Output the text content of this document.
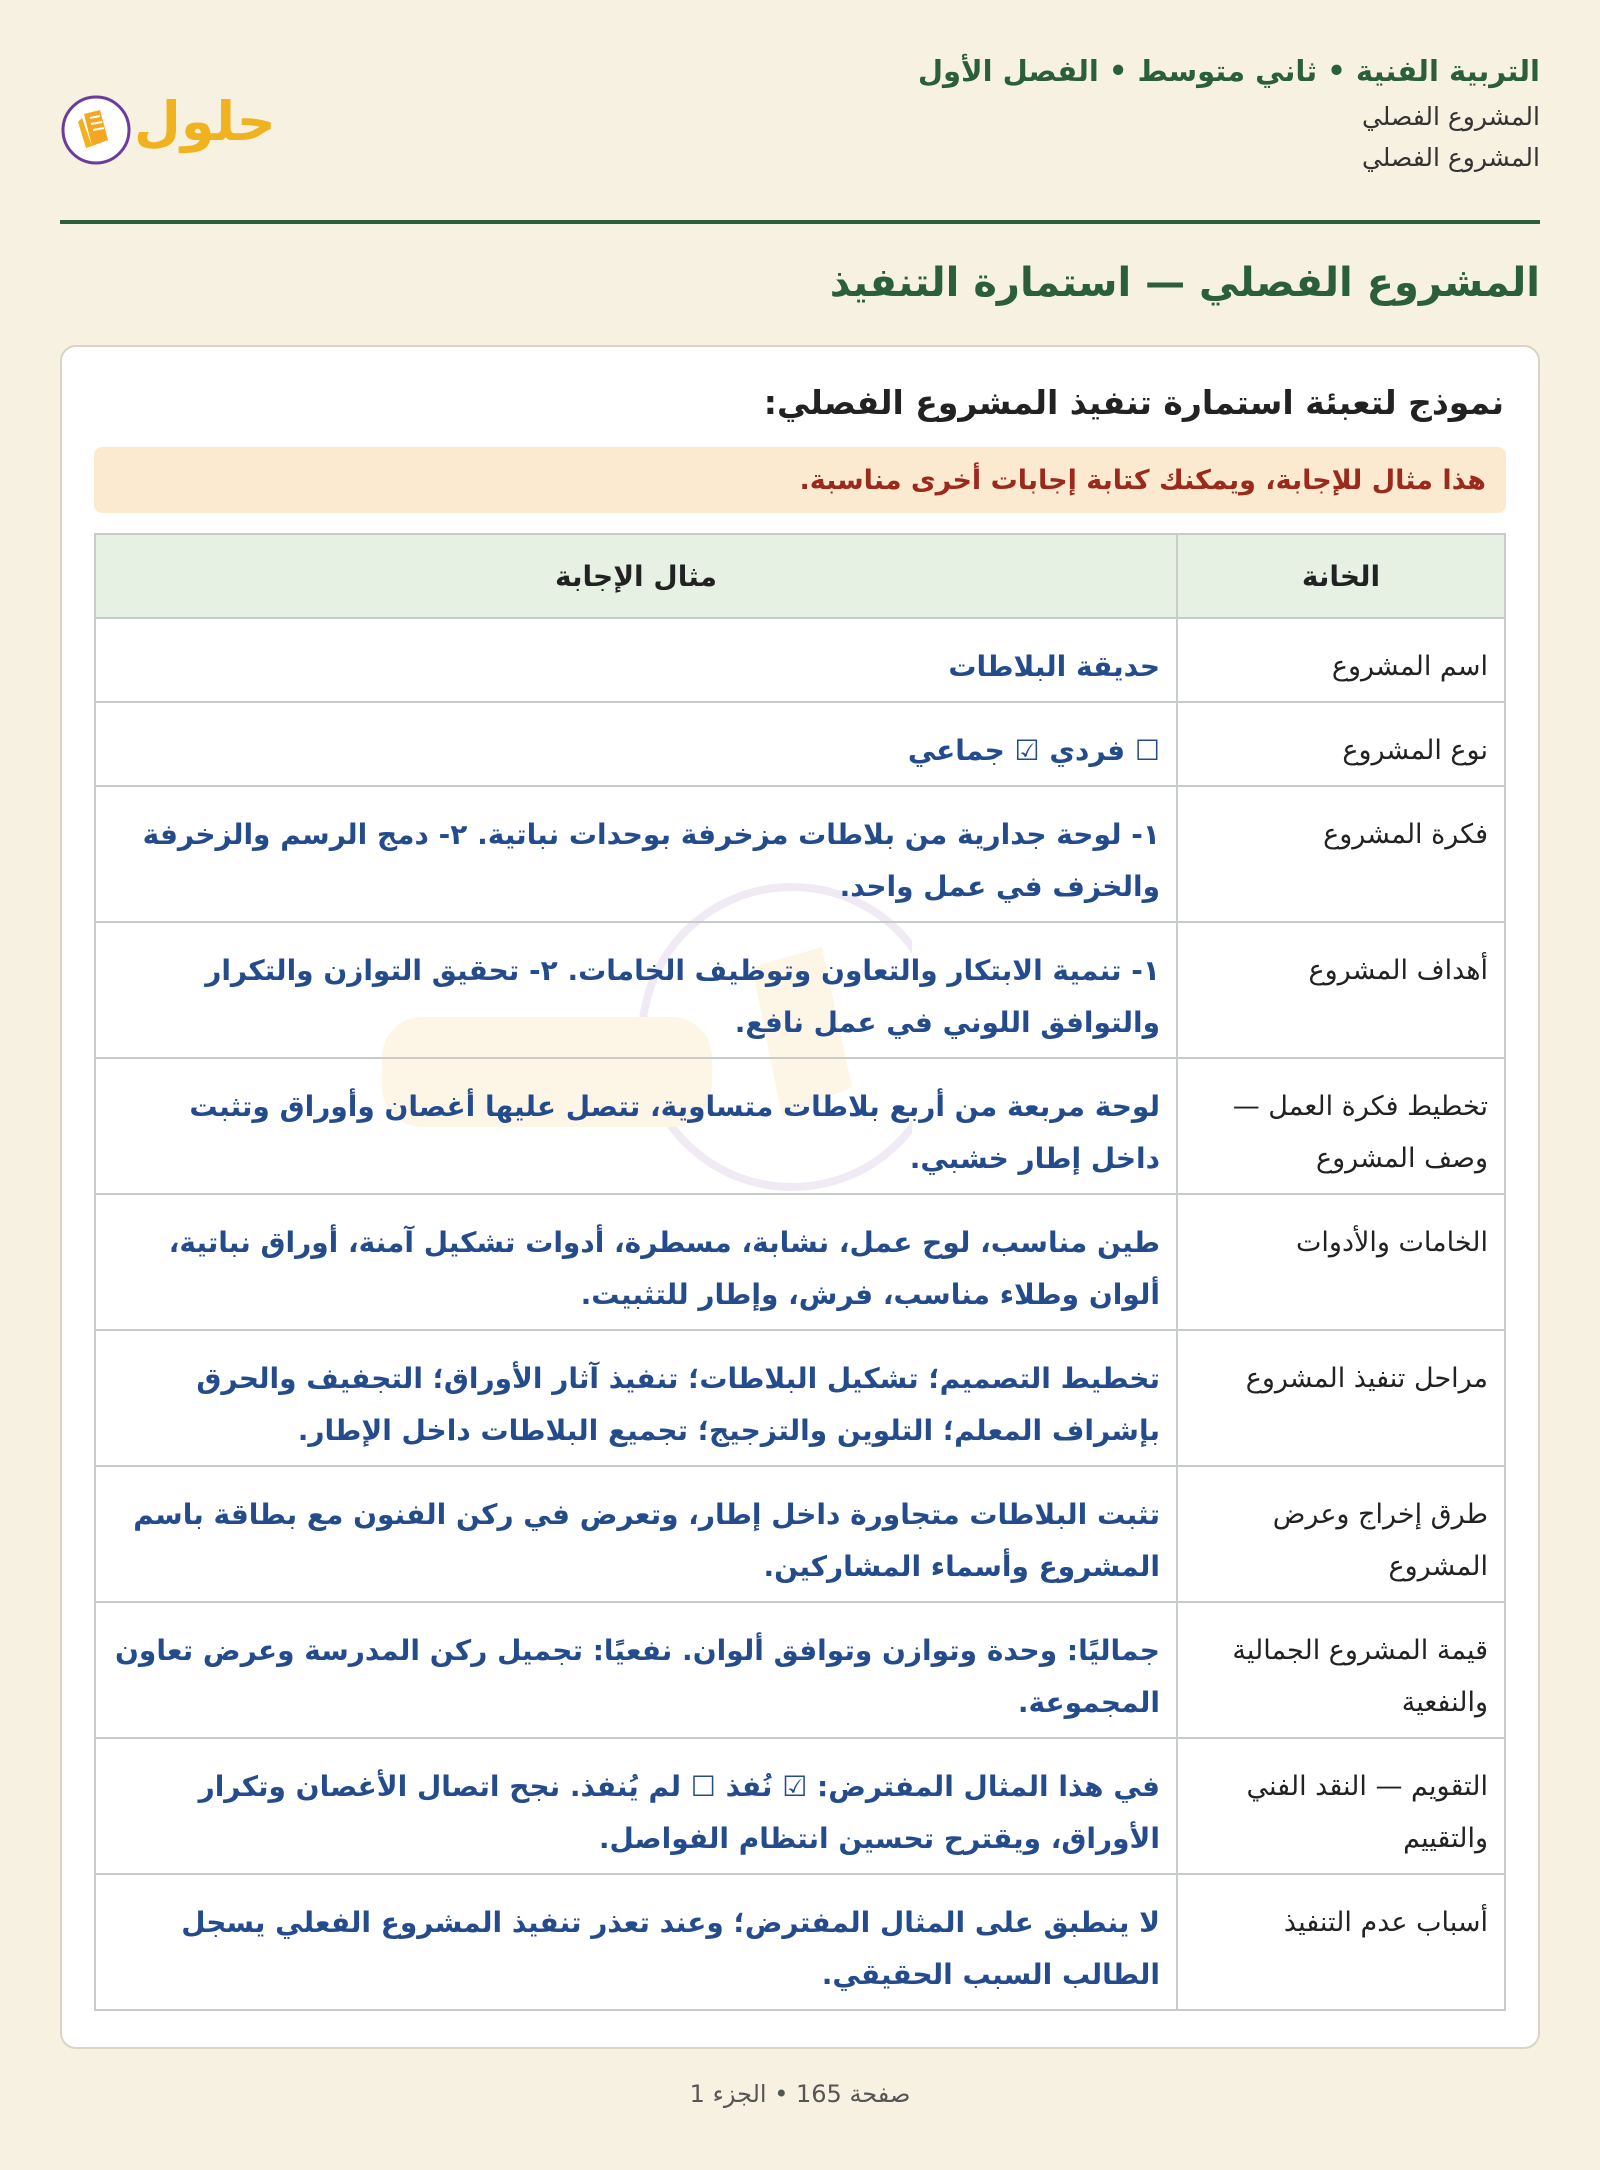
التربية الفنية • ثاني متوسط • الفصل الأول

المشروع الفصلي

المشروع الفصلي

حلول
المشروع الفصلي — استمارة التنفيذ
نموذج لتعبئة استمارة تنفيذ المشروع الفصلي:
هذا مثال للإجابة، ويمكنك كتابة إجابات أخرى مناسبة.
الخانة	مثال الإجابة
اسم المشروع	حديقة البلاطات
نوع المشروع	☐ فردي ☑ جماعي
فكرة المشروع	١- لوحة جدارية من بلاطات مزخرفة بوحدات نباتية. ٢- دمج الرسم والزخرفة والخزف في عمل واحد.
أهداف المشروع	١- تنمية الابتكار والتعاون وتوظيف الخامات. ٢- تحقيق التوازن والتكرار والتوافق اللوني في عمل نافع.
تخطيط فكرة العمل — وصف المشروع	لوحة مربعة من أربع بلاطات متساوية، تتصل عليها أغصان وأوراق وتثبت داخل إطار خشبي.
الخامات والأدوات	طين مناسب، لوح عمل، نشابة، مسطرة، أدوات تشكيل آمنة، أوراق نباتية، ألوان وطلاء مناسب، فرش، وإطار للتثبيت.
مراحل تنفيذ المشروع	تخطيط التصميم؛ تشكيل البلاطات؛ تنفيذ آثار الأوراق؛ التجفيف والحرق بإشراف المعلم؛ التلوين والتزجيج؛ تجميع البلاطات داخل الإطار.
طرق إخراج وعرض المشروع	تثبت البلاطات متجاورة داخل إطار، وتعرض في ركن الفنون مع بطاقة باسم المشروع وأسماء المشاركين.
قيمة المشروع الجمالية والنفعية	جماليًا: وحدة وتوازن وتوافق ألوان. نفعيًا: تجميل ركن المدرسة وعرض تعاون المجموعة.
التقويم — النقد الفني والتقييم	في هذا المثال المفترض: ☑ نُفذ ☐ لم يُنفذ. نجح اتصال الأغصان وتكرار الأوراق، ويقترح تحسين انتظام الفواصل.
أسباب عدم التنفيذ	لا ينطبق على المثال المفترض؛ وعند تعذر تنفيذ المشروع الفعلي يسجل الطالب السبب الحقيقي.
صفحة 165 • الجزء 1
